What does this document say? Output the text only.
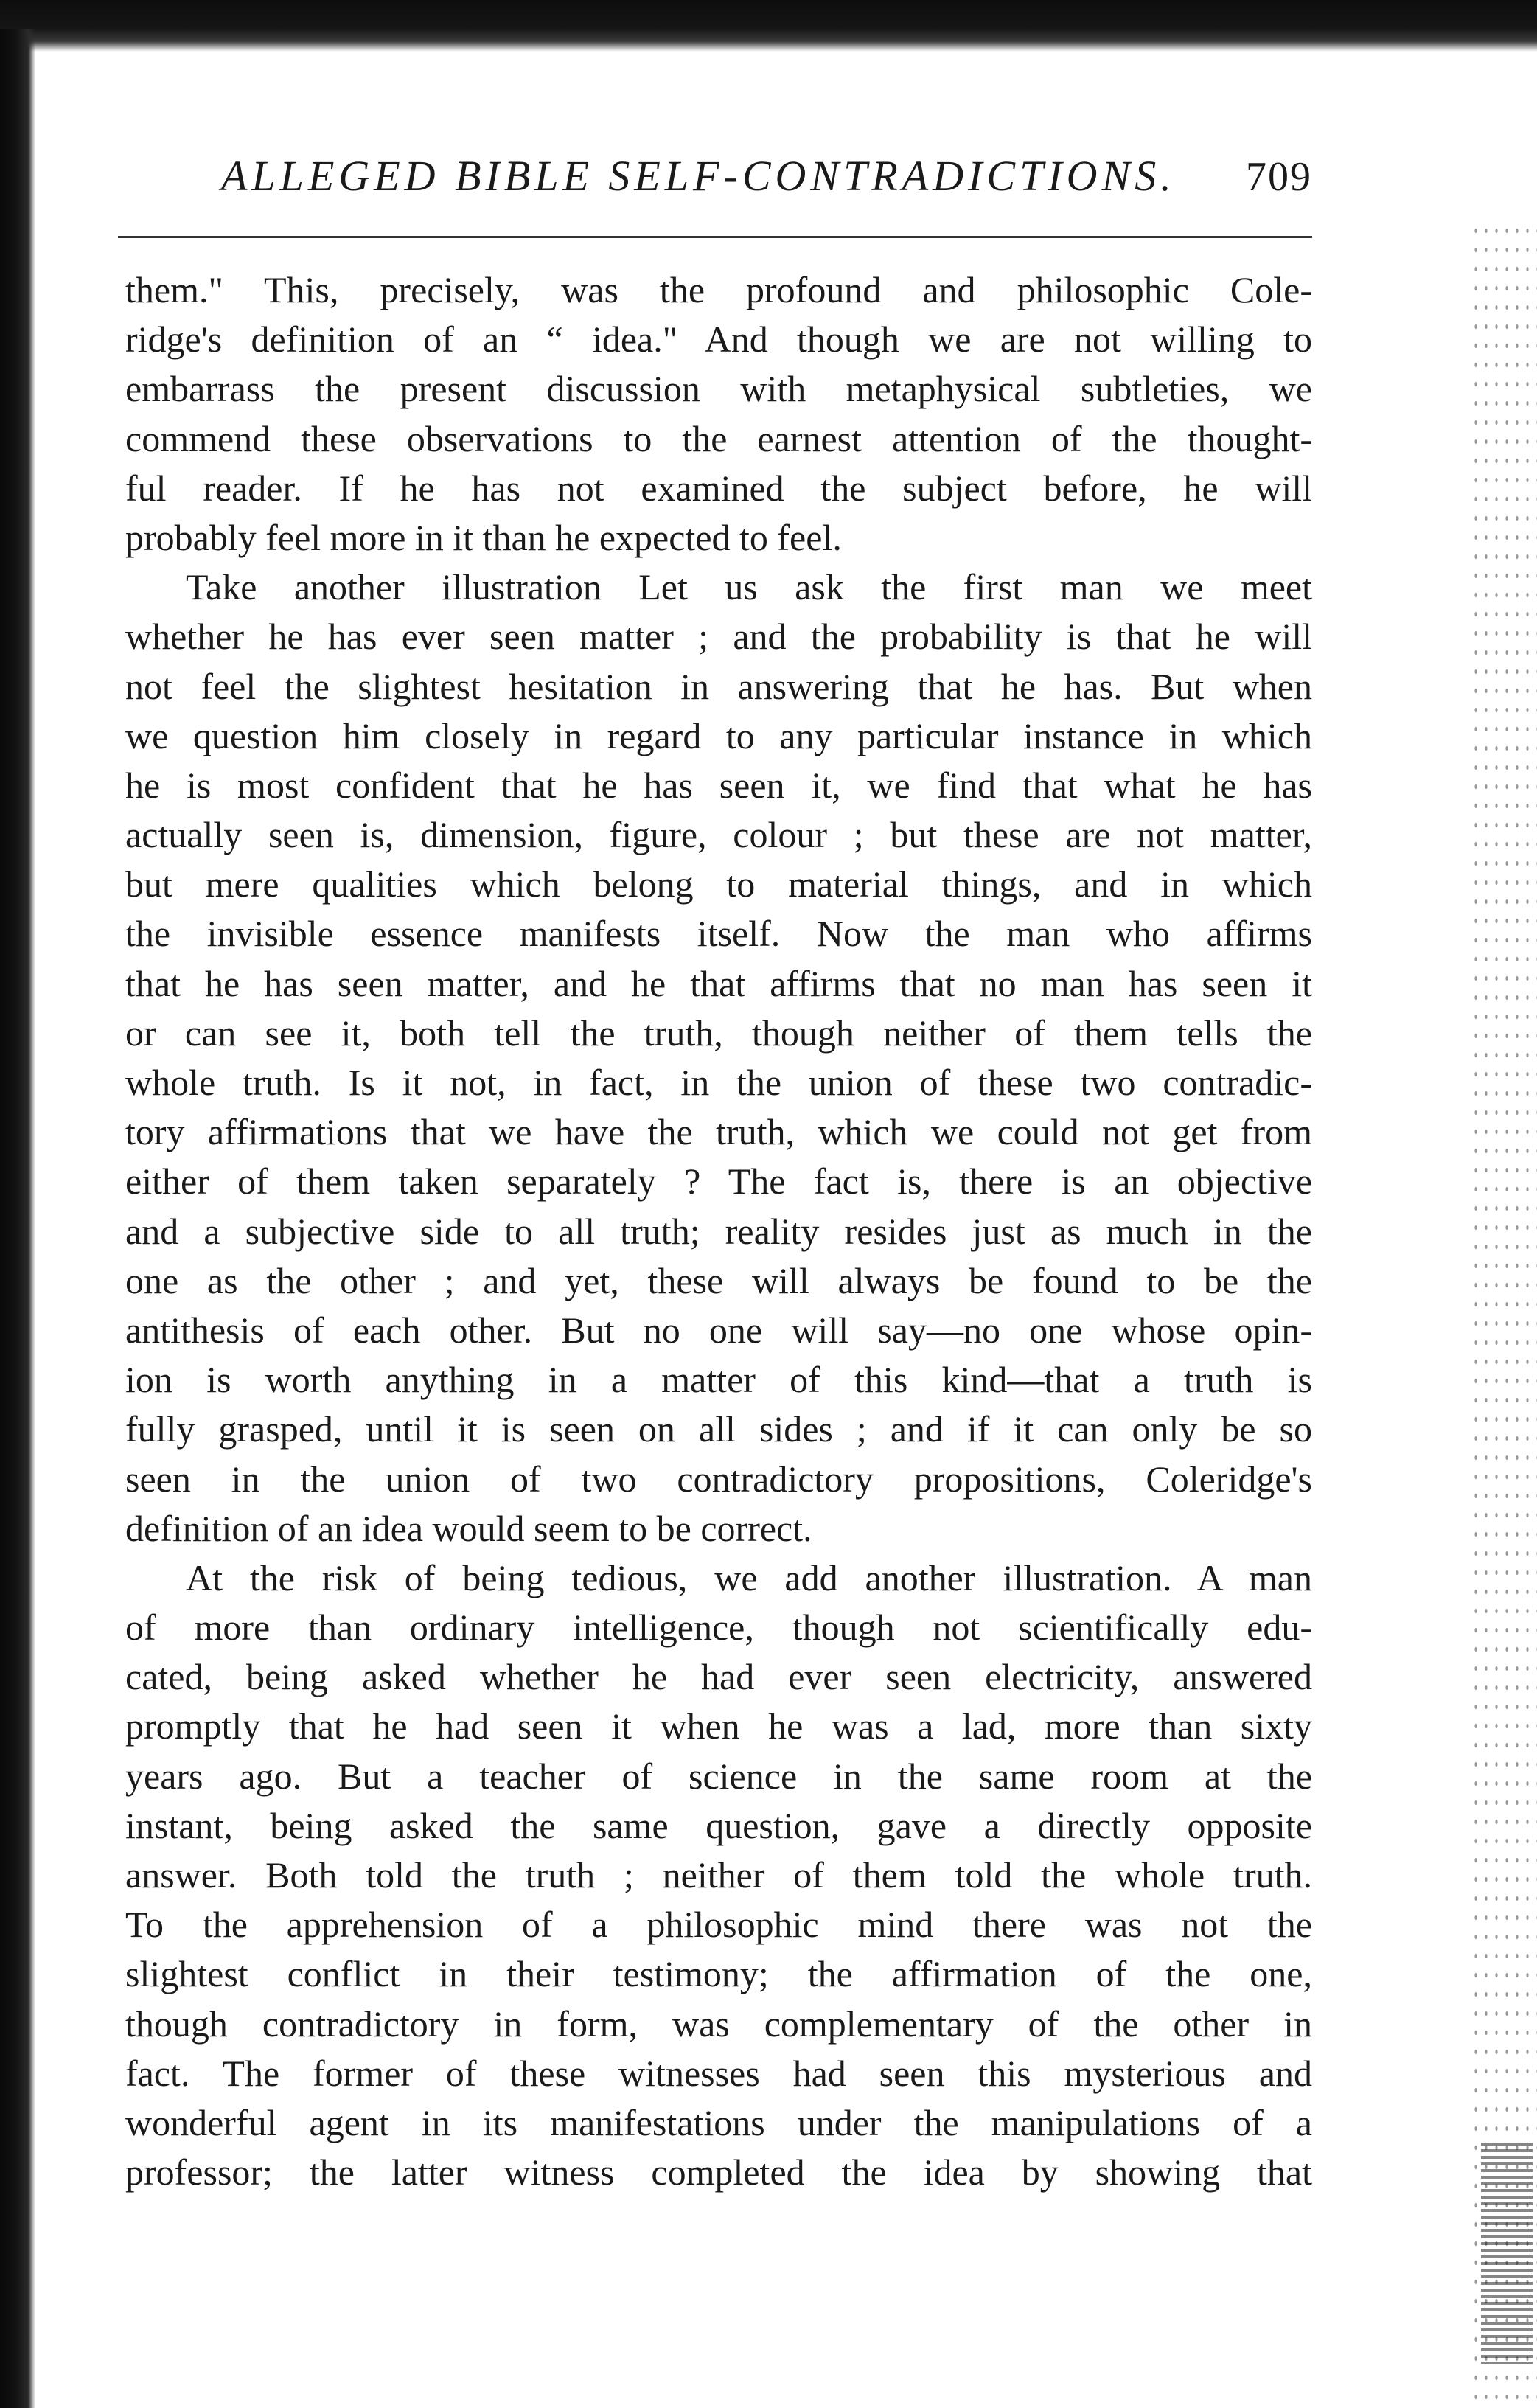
ALLEGED BIBLE SELF-CONTRADICTIONS. 709
them." This, precisely, was the profound and philosophic Cole-
ridge's definition of an “ idea." And though we are not willing to
embarrass the present discussion with metaphysical subtleties, we
commend these observations to the earnest attention of the thought-
ful reader. If he has not examined the subject before, he will
probably feel more in it than he expected to feel.
Take another illustration Let us ask the first man we meet
whether he has ever seen matter ; and the probability is that he will
not feel the slightest hesitation in answering that he has. But when
we question him closely in regard to any particular instance in which
he is most confident that he has seen it, we find that what he has
actually seen is, dimension, figure, colour ; but these are not matter,
but mere qualities which belong to material things, and in which
the invisible essence manifests itself. Now the man who affirms
that he has seen matter, and he that affirms that no man has seen it
or can see it, both tell the truth, though neither of them tells the
whole truth. Is it not, in fact, in the union of these two contradic-
tory affirmations that we have the truth, which we could not get from
either of them taken separately ? The fact is, there is an objective
and a subjective side to all truth; reality resides just as much in the
one as the other ; and yet, these will always be found to be the
antithesis of each other. But no one will say—no one whose opin-
ion is worth anything in a matter of this kind—that a truth is
fully grasped, until it is seen on all sides ; and if it can only be so
seen in the union of two contradictory propositions, Coleridge's
definition of an idea would seem to be correct.
At the risk of being tedious, we add another illustration. A man
of more than ordinary intelligence, though not scientifically edu-
cated, being asked whether he had ever seen electricity, answered
promptly that he had seen it when he was a lad, more than sixty
years ago. But a teacher of science in the same room at the
instant, being asked the same question, gave a directly opposite
answer. Both told the truth ; neither of them told the whole truth.
To the apprehension of a philosophic mind there was not the
slightest conflict in their testimony; the affirmation of the one,
though contradictory in form, was complementary of the other in
fact. The former of these witnesses had seen this mysterious and
wonderful agent in its manifestations under the manipulations of a
professor; the latter witness completed the idea by showing that
